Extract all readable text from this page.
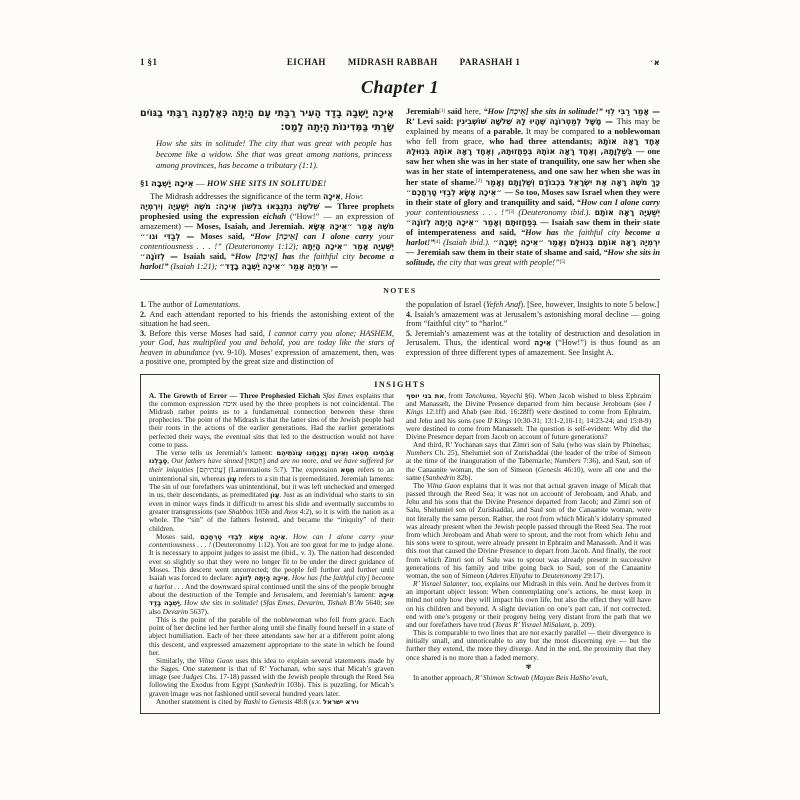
1 §1	EICHAH MIDRASH RABBAH PARASHAH 1	א׳
Chapter 1
אֵיכָה יָשְׁבָה בָדָד הָעִיר רַבָּתִי עָם הָיְתָה כְּאַלְמָנָה רַבָּתִי בַגּוֹיִם שָׂרָתִי בַּמְּדִינוֹת הָיְתָה לָמַס׃
How she sits in solitude! The city that was great with people has become like a widow. She that was great among nations, princess among provinces, has become a tributary (1:1).
§1 אֵיכָה יָשְׁבָה — HOW SHE SITS IN SOLITUDE!

The Midrash addresses the significance of the term אֵיכָה, How:

שְׁלֹשָׁה נִתְנַבְּאוּ בִּלְשׁוֹן אֵיכָה: מֹשֶׁה יְשַׁעְיָה וְיִרְמְיָה — Three prophets prophesied using the expression eichah (“How!” — an expression of amazement) — Moses, Isaiah, and Jeremiah. מֹשֶׁה אָמַר ״אֵיכָה אֶשָּׂא לְבַדִּי וגו׳״ — Moses said, “How [אֵיכָה] can I alone carry your contentiousness . . . !” (Deuteronomy 1:12); יְשַׁעְיָה אָמַר ״אֵיכָה הָיְתָה לְזוֹנָה״ — Isaiah said, “How [אֵיכָה] has the faithful city become a harlot!” (Isaiah 1:21); יִרְמְיָה אָמַר ״אֵיכָה יָשְׁבָה בָדָד״ —

Jeremiah[1] said here, “How [אֵיכָה] she sits in solitude!” אָמַר רַבִּי לֵוִי — R’ Levi said: מָשָׁל לְמַטְרוֹנָה שֶׁהָיוּ לָהּ שְׁלֹשָׁה שׁוֹשְׁבִינִין — This may be explained by means of a parable. It may be compared to a noblewoman who fell from grace, who had three attendants; אֶחָד רָאָה אוֹתָהּ בְּשַׁלְוָתָהּ, וְאֶחָד רָאָה אוֹתָהּ בְּפַחֲזוּתָהּ, וְאֶחָד רָאָה אוֹתָהּ בְּנִוּוּלָהּ — one saw her when she was in her state of tranquility, one saw her when she was in her state of intemperateness, and one saw her when she was in her state of shame.[2] כָּךְ מֹשֶׁה רָאָה אֶת יִשְׂרָאֵל בִּכְבוֹדָם וְשַׁלְוָתָם וְאָמַר ״אֵיכָה אֶשָּׂא לְבַדִּי טָרְחֲכֶם״ — So too, Moses saw Israel when they were in their state of glory and tranquility and said, “How can I alone carry your contentiousness . . . !”[3] (Deuteronomy ibid.). יְשַׁעְיָה רָאָה אוֹתָם בְּפַחֲזוּתָם וְאָמַר ״אֵיכָה הָיְתָה לְזוֹנָה״ — Isaiah saw them in their state of intemperateness and said, “How has the faithful city become a harlot!”[4] (Isaiah ibid.). יִרְמְיָה רָאָה אוֹתָם בְּנִוּוּלָם וְאָמַר ״אֵיכָה יָשְׁבָה״ — Jeremiah saw them in their state of shame and said, “How she sits in solitude, the city that was great with people!”[5]

NOTES

1. The author of Lamentations.

2. And each attendant reported to his friends the astonishing extent of the situation he had seen.

3. Before this verse Moses had said, I cannot carry you alone; HASHEM, your God, has multiplied you and behold, you are today like the stars of heaven in abundance (vv. 9-10). Moses’ expression of amazement, then, was a positive one, prompted by the great size and distinction of

the population of Israel (Yefeh Anaf). [See, however, Insights to note 5 below.]

4. Isaiah’s amazement was at Jerusalem’s astonishing moral decline — going from “faithful city” to “harlot.”

5. Jeremiah’s amazement was at the totality of destruction and desolation in Jerusalem. Thus, the identical word אֵיכָה (“How!”) is thus found as an expression of three different types of amazement. See Insight A.

INSIGHTS

A. The Growth of Error — Three Prophesied Eichah Sfas Emes explains that the common expression איכה used by the three prophets is not coincidental. The Midrash rather points us to a fundamental connection between these three prophecies. The point of the Midrash is that the latter sins of the Jewish people had their roots in the actions of the earlier generations. Had the earlier generations perfected their ways, the eventual sins that led to the destruction would not have come to pass.

The verse tells us Jeremiah’s lament: אֲבֹתֵינוּ חָטְאוּ וְאֵינָם וַאֲנַחְנוּ עֲוֹנֹתֵיהֶם סָבָלְנוּ, Our fathers have sinned [חָטְאוּ] and are no more, and we have suffered for their iniquities [עֲוֹנֹתֵיהֶם] (Lamentations 5:7). The expression חֵטְא refers to an unintentional sin, whereas עָוֹן refers to a sin that is premeditated. Jeremiah laments: The sin of our forefathers was unintentional, but it was left unchecked and emerged in us, their descendants, as premeditated עָוֹן. Just as an individual who starts to sin even in minor ways finds it difficult to arrest his slide and eventually succumbs to greater transgressions (see Shabbos 105b and Avos 4:2), so it is with the nation as a whole. The “sin” of the fathers festered, and became the “iniquity” of their children.

Moses said, אֵיכָה אֶשָּׂא לְבַדִּי טָרְחֲכֶם, How can I alone carry your contentiousness . . . ! (Deuteronomy 1:12). You are too great for me to judge alone. It is necessary to appoint judges to assist me (ibid., v. 3). The nation had descended ever so slightly so that they were no longer fit to be under the direct guidance of Moses. This descent went uncorrected; the people fell further and further until Isaiah was forced to declare: אֵיכָה הָיְתָה לְזוֹנָה, How has [the faithful city] become a harlot . . . And the downward spiral continued until the sins of the people brought about the destruction of the Temple and Jerusalem, and Jeremiah’s lament: אֵיכָה יָשְׁבָה בָדָד, How she sits in solitude! (Sfas Emes, Devarim, Tishah B’Av 5640; see also Devarim 5637).

This is the point of the parable of the noblewoman who fell from grace. Each point of her decline led her further along until she finally found herself in a state of abject humiliation. Each of her three attendants saw her at a different point along this descent, and expressed amazement appropriate to the state in which he found her.

Similarly, the Vilna Gaon uses this idea to explain several statements made by the Sages. One statement is that of R’ Yochanan, who says that Micah’s graven image (see Judges Chs. 17-18) passed with the Jewish people through the Reed Sea following the Exodus from Egypt (Sanhedrin 103b). This is puzzling, for Micah’s graven image was not fashioned until several hundred years later.

Another statement is cited by Rashi to Genesis 48:8 (s.v. וירא ישראל

את בני יוסף, from Tanchuma, Vayechi §6). When Jacob wished to bless Ephraim and Manasseh, the Divine Presence departed from him because Jeroboam (see I Kings 12:1ff) and Ahab (see ibid. 16:28ff) were destined to come from Ephraim, and Jehu and his sons (see II Kings 10:30-31; 13:1-2,10-11; 14:23-24; and 15:8-9) were destined to come from Manasseh. The question is self-evident: Why did the Divine Presence depart from Jacob on account of future generations?

And third, R’ Yochanan says that Zimri son of Salu (who was slain by Phinehas; Numbers Ch. 25), Shelumiel son of Zurishaddai (the leader of the tribe of Simeon at the time of the inauguration of the Tabernacle; Numbers 7:36), and Saul, son of the Canaanite woman, the son of Simeon (Genesis 46:10), were all one and the same (Sanhedrin 82b).

The Vilna Gaon explains that it was not that actual graven image of Micah that passed through the Reed Sea; it was not on account of Jeroboam, and Ahab, and Jehu and his sons that the Divine Presence departed from Jacob; and Zimri son of Salu, Shelumiel son of Zurishaddai, and Saul son of the Canaanite woman, were not literally the same person. Rather, the root from which Micah’s idolatry sprouted was already present when the Jewish people passed through the Reed Sea. The root from which Jeroboam and Ahab were to sprout, and the root from which Jehu and his sons were to sprout, were already present in Ephraim and Manasseh. And it was this root that caused the Divine Presence to depart from Jacob. And finally, the root from which Zimri son of Salu was to sprout was already present in successive generations of his family and tribe going back to Saul, son of the Canaanite woman, the son of Simeon (Aderes Eliyahu to Deuteronomy 29:17).

R’ Yisrael Salanter, too, explains our Midrash in this vein. And he derives from it an important object lesson: When contemplating one’s actions, he must keep in mind not only how they will impact his own life, but also the effect they will have on his children and beyond. A slight deviation on one’s part can, if not corrected, end with one’s progeny or their progeny being very distant from the path that we and our forefathers have trod (Toras R’ Yisrael MiSalant, p. 209).

This is comparable to two lines that are not exactly parallel — their divergence is initially small, and unnoticeable to any but the most discerning eye — but the further they extend, the more they diverge. And in the end, the proximity that they once shared is no more than a faded memory.

✾

In another approach, R’ Shimon Schwab (Mayan Beis HaSho’evah,
